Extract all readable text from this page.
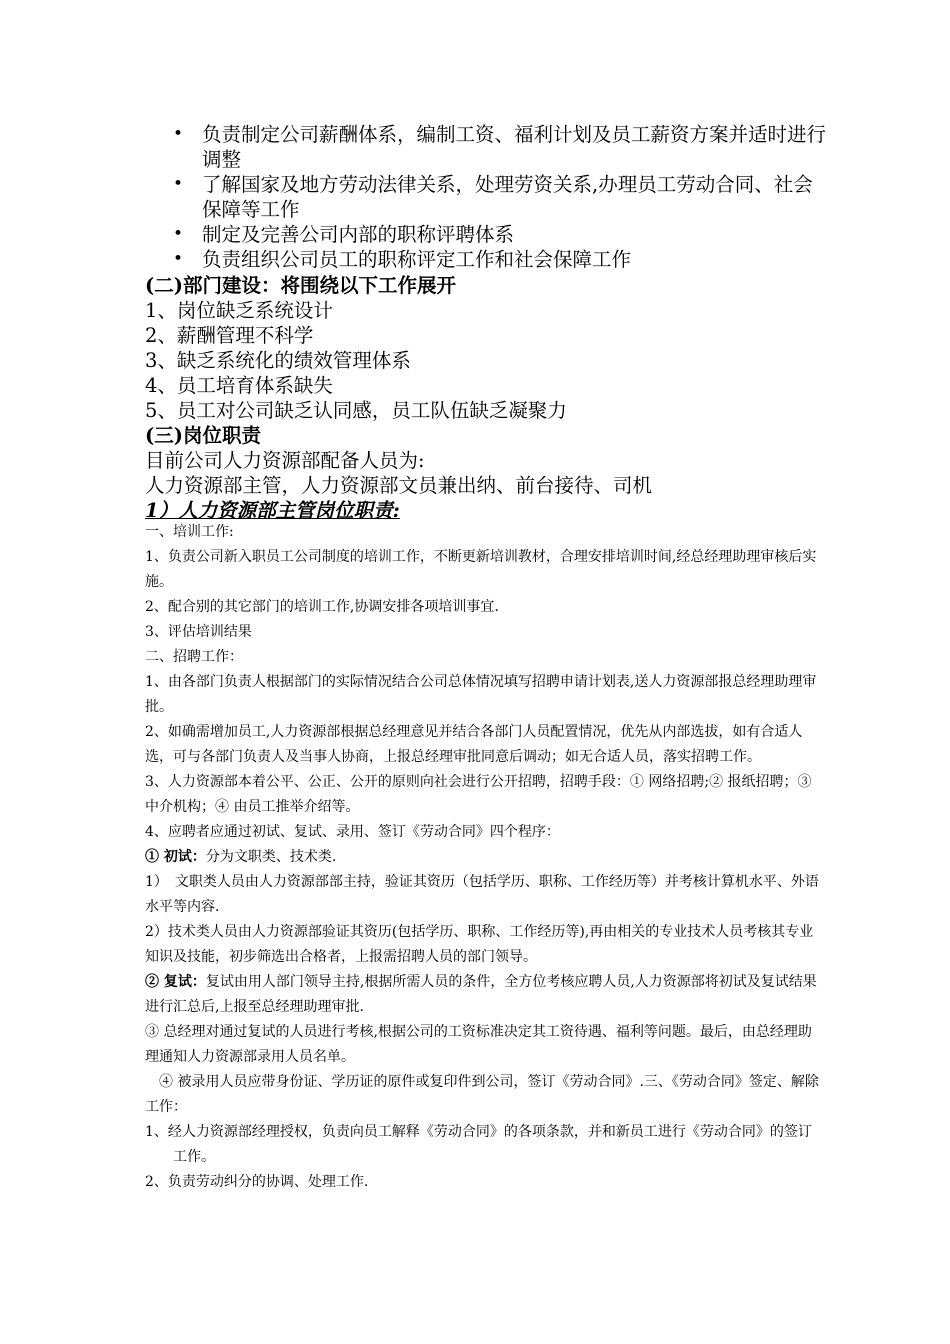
• 负责制定公司薪酬体系，编制工资、福利计划及员工薪资方案并适时进行调整
• 了解国家及地方劳动法律关系，处理劳资关系,办理员工劳动合同、社会保障等工作
• 制定及完善公司内部的职称评聘体系
• 负责组织公司员工的职称评定工作和社会保障工作
(二)部门建设：将围绕以下工作展开
1、岗位缺乏系统设计
2、薪酬管理不科学
3、缺乏系统化的绩效管理体系
4、员工培育体系缺失
5、员工对公司缺乏认同感，员工队伍缺乏凝聚力
(三)岗位职责
目前公司人力资源部配备人员为:
人力资源部主管，人力资源部文员兼出纳、前台接待、司机
1）人力资源部主管岗位职责:

一、培训工作:

1、负责公司新入职员工公司制度的培训工作，不断更新培训教材，合理安排培训时间,经总经理助理审核后实施。

2、配合别的其它部门的培训工作,协调安排各项培训事宜.

3、评估培训结果

二、招聘工作：

1、由各部门负责人根据部门的实际情况结合公司总体情况填写招聘申请计划表,送人力资源部报总经理助理审批。

2、如确需增加员工,人力资源部根据总经理意见并结合各部门人员配置情况，优先从内部选拔，如有合适人选，可与各部门负责人及当事人协商，上报总经理审批同意后调动；如无合适人员，落实招聘工作。

3、人力资源部本着公平、公正、公开的原则向社会进行公开招聘，招聘手段：① 网络招聘;② 报纸招聘；③ 中介机构；④ 由员工推举介绍等。

4、应聘者应通过初试、复试、录用、签订《劳动合同》四个程序：

① 初试：分为文职类、技术类.

1）　文职类人员由人力资源部部主持，验证其资历（包括学历、职称、工作经历等）并考核计算机水平、外语水平等内容.

2）技术类人员由人力资源部验证其资历(包括学历、职称、工作经历等),再由相关的专业技术人员考核其专业知识及技能，初步筛选出合格者，上报需招聘人员的部门领导。

② 复试：复试由用人部门领导主持,根据所需人员的条件，全方位考核应聘人员,人力资源部将初试及复试结果进行汇总后,上报至总经理助理审批.

③ 总经理对通过复试的人员进行考核,根据公司的工资标准决定其工资待遇、福利等问题。最后，由总经理助理通知人力资源部录用人员名单。

④ 被录用人员应带身份证、学历证的原件或复印件到公司，签订《劳动合同》.三、《劳动合同》签定、解除工作：

1、经人力资源部经理授权，负责向员工解释《劳动合同》的各项条款，并和新员工进行《劳动合同》的签订工作。

2、负责劳动纠分的协调、处理工作.
